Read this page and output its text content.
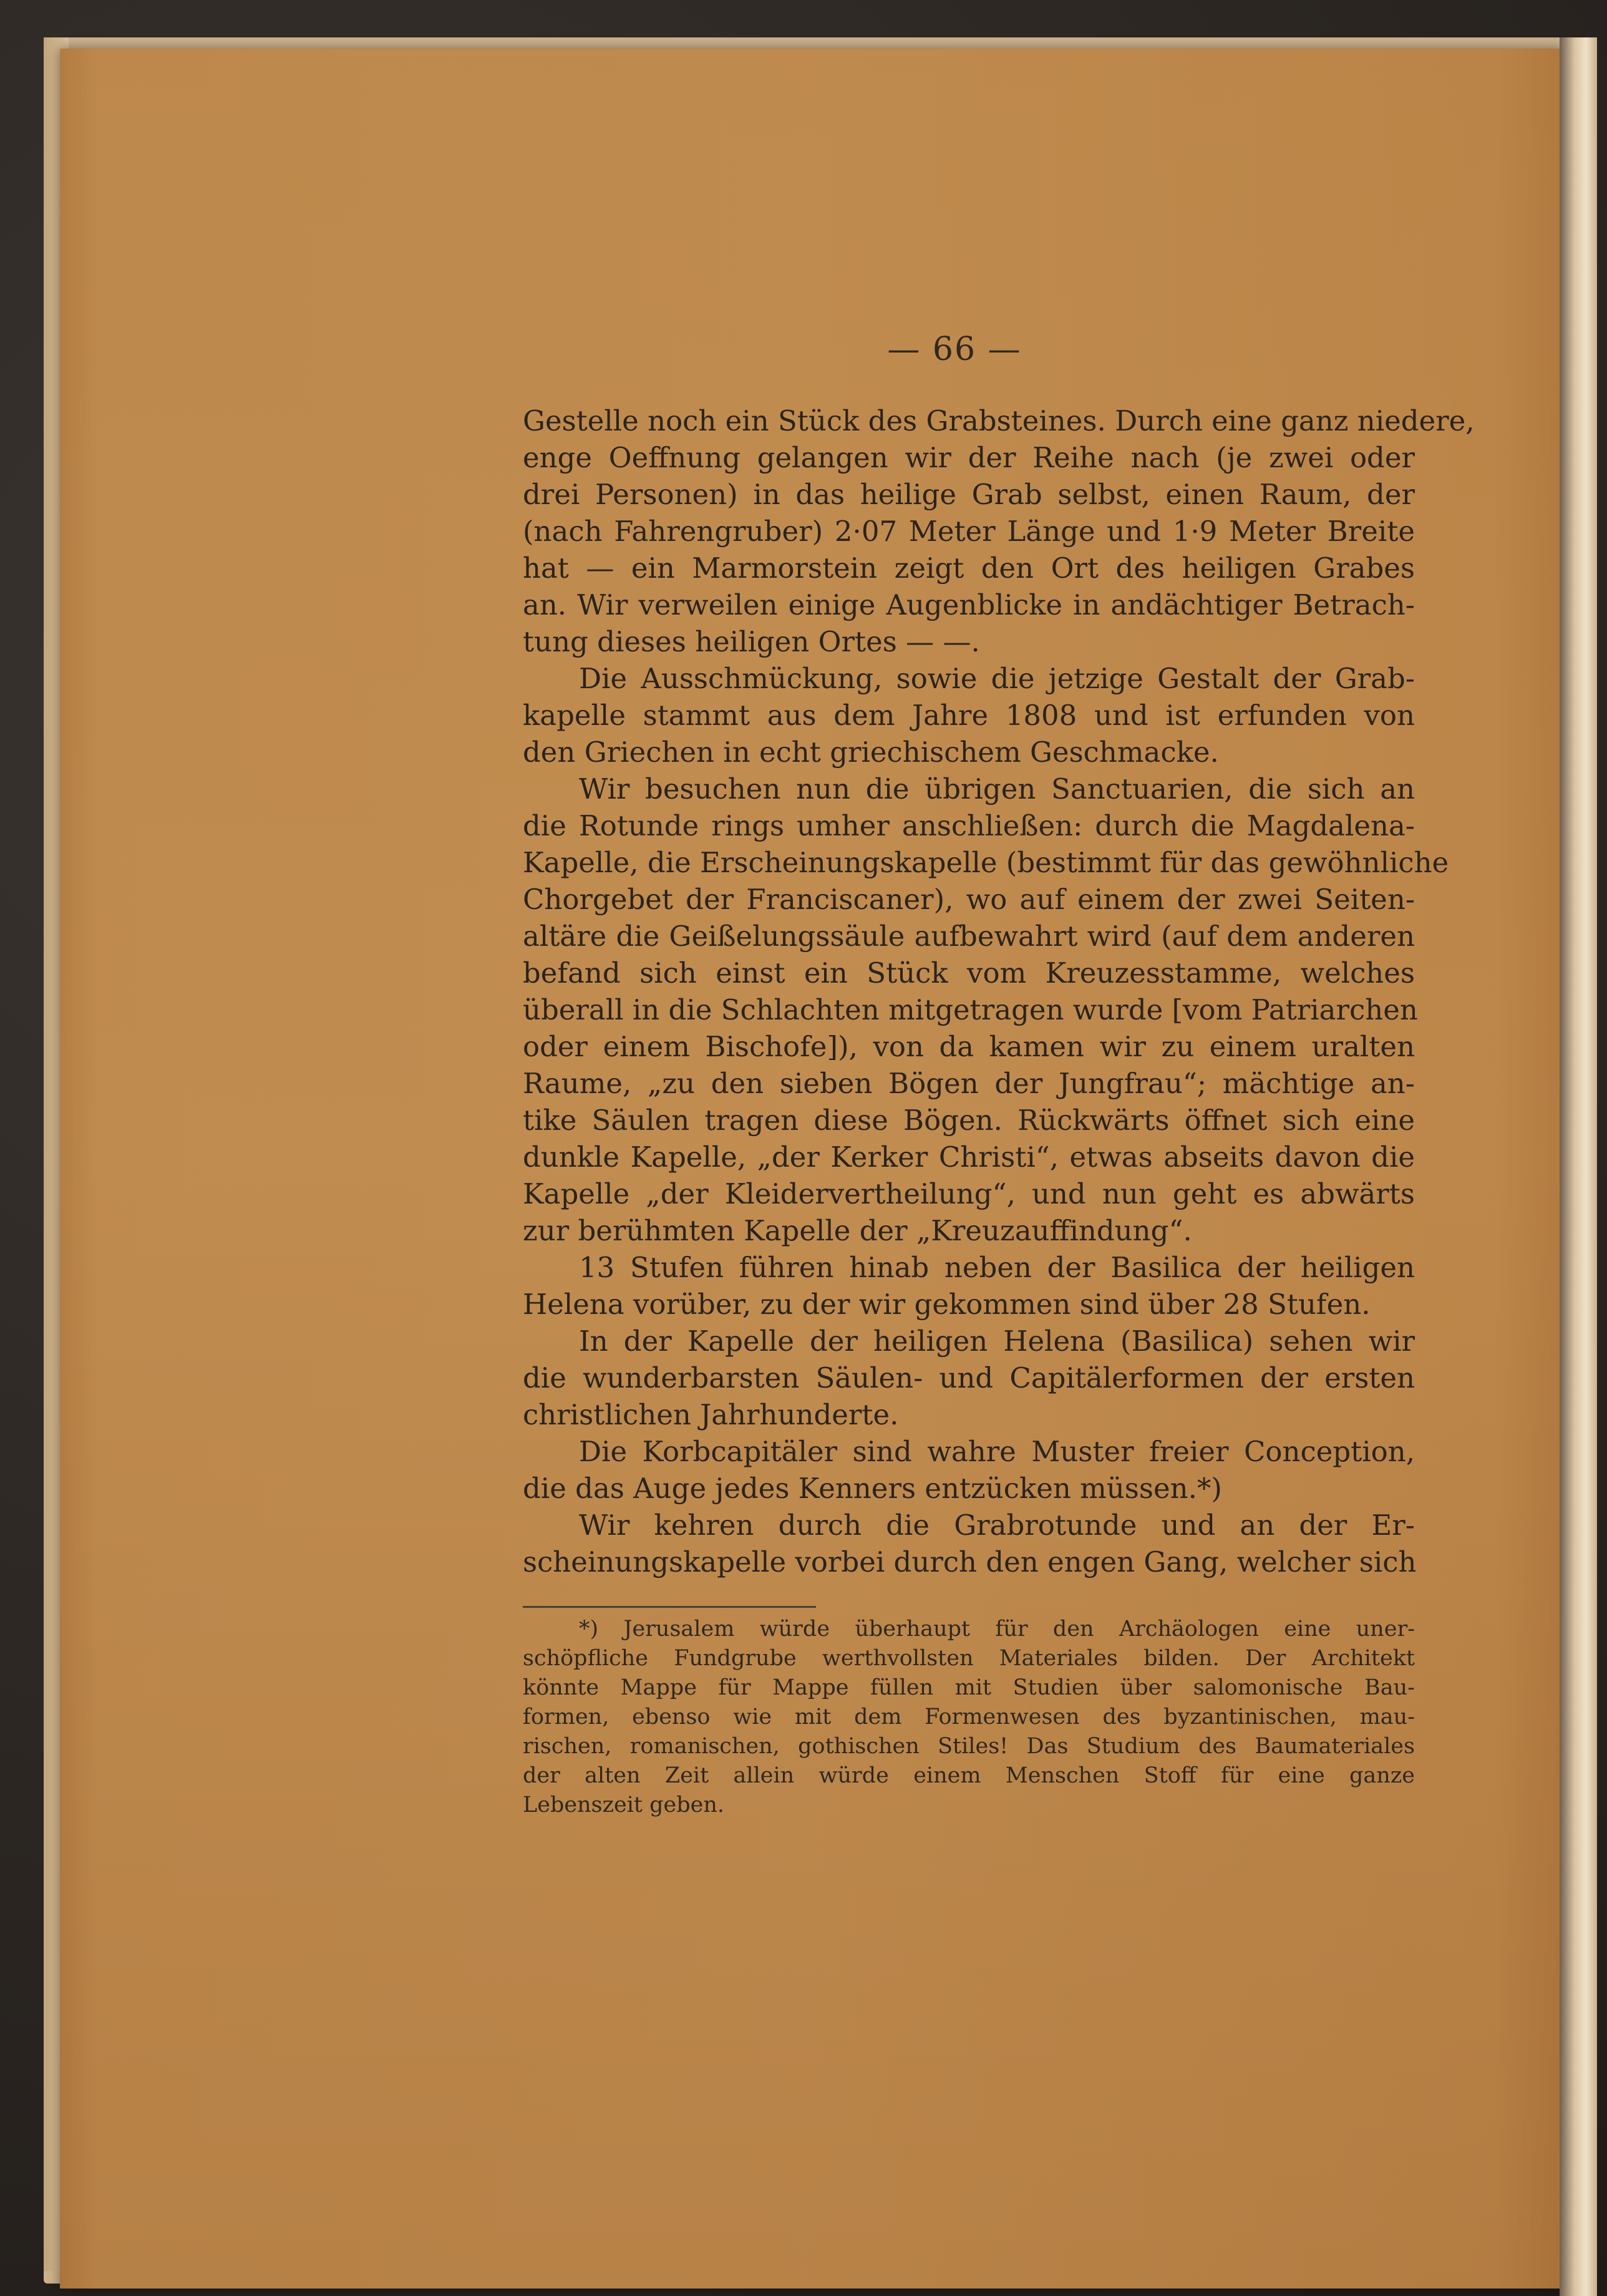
— 66 —
Gestelle noch ein Stück des Grabsteines. Durch eine ganz niedere,
enge Oeffnung gelangen wir der Reihe nach (je zwei oder
drei Personen) in das heilige Grab selbst, einen Raum, der
(nach Fahrengruber) 2·07 Meter Länge und 1·9 Meter Breite
hat — ein Marmorstein zeigt den Ort des heiligen Grabes
an. Wir verweilen einige Augenblicke in andächtiger Betrach-
tung dieses heiligen Ortes — —.
Die Ausschmückung, sowie die jetzige Gestalt der Grab-
kapelle stammt aus dem Jahre 1808 und ist erfunden von
den Griechen in echt griechischem Geschmacke.
Wir besuchen nun die übrigen Sanctuarien, die sich an
die Rotunde rings umher anschließen: durch die Magdalena-
Kapelle, die Erscheinungskapelle (bestimmt für das gewöhnliche
Chorgebet der Franciscaner), wo auf einem der zwei Seiten-
altäre die Geißelungssäule aufbewahrt wird (auf dem anderen
befand sich einst ein Stück vom Kreuzesstamme, welches
überall in die Schlachten mitgetragen wurde [vom Patriarchen
oder einem Bischofe]), von da kamen wir zu einem uralten
Raume, „zu den sieben Bögen der Jungfrau“; mächtige an-
tike Säulen tragen diese Bögen. Rückwärts öffnet sich eine
dunkle Kapelle, „der Kerker Christi“, etwas abseits davon die
Kapelle „der Kleidervertheilung“, und nun geht es abwärts
zur berühmten Kapelle der „Kreuzauffindung“.
13 Stufen führen hinab neben der Basilica der heiligen
Helena vorüber, zu der wir gekommen sind über 28 Stufen.
In der Kapelle der heiligen Helena (Basilica) sehen wir
die wunderbarsten Säulen- und Capitälerformen der ersten
christlichen Jahrhunderte.
Die Korbcapitäler sind wahre Muster freier Conception,
die das Auge jedes Kenners entzücken müssen.*)
Wir kehren durch die Grabrotunde und an der Er-
scheinungskapelle vorbei durch den engen Gang, welcher sich
*) Jerusalem würde überhaupt für den Archäologen eine uner-
schöpfliche Fundgrube werthvollsten Materiales bilden. Der Architekt
könnte Mappe für Mappe füllen mit Studien über salomonische Bau-
formen, ebenso wie mit dem Formenwesen des byzantinischen, mau-
rischen, romanischen, gothischen Stiles! Das Studium des Baumateriales
der alten Zeit allein würde einem Menschen Stoff für eine ganze
Lebenszeit geben.
